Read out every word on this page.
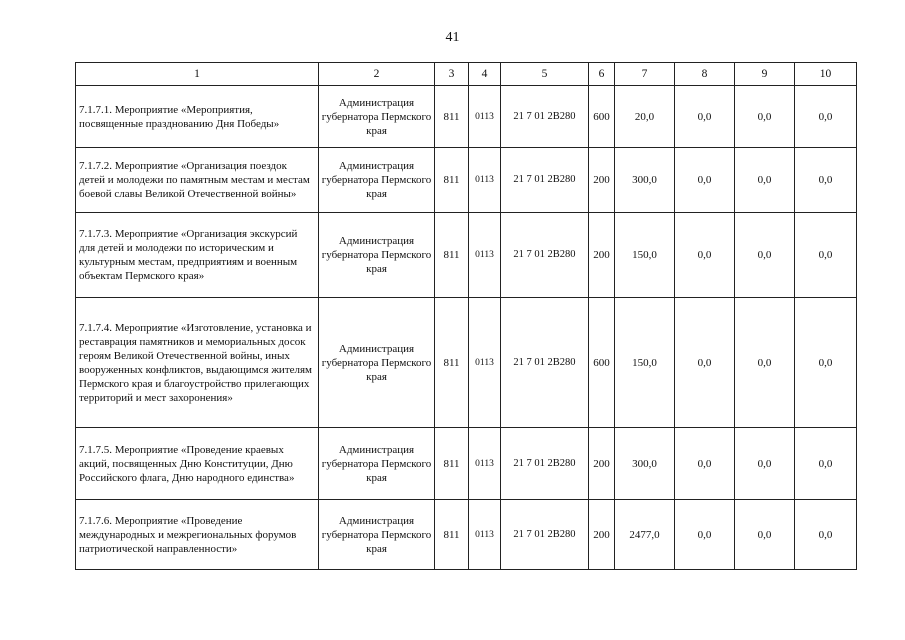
41
1	2	3	4	5	6	7	8	9	10
7.1.7.1. Мероприятие «Мероприятия, посвященные празднованию Дня Победы»	Администрация губернатора Пермского края	811	0113	21 7 01 2В280	600	20,0	0,0	0,0	0,0
7.1.7.2. Мероприятие «Организация поездок детей и молодежи по памятным местам и местам боевой славы Великой Отечественной войны»	Администрация губернатора Пермского края	811	0113	21 7 01 2В280	200	300,0	0,0	0,0	0,0
7.1.7.3. Мероприятие «Организация экскурсий для детей и молодежи по историческим и культурным местам, предприятиям и военным объектам Пермского края»	Администрация губернатора Пермского края	811	0113	21 7 01 2В280	200	150,0	0,0	0,0	0,0
7.1.7.4. Мероприятие «Изготовление, установка и реставрация памятников и мемориальных досок героям Великой Отечественной войны, иных вооруженных конфликтов, выдающимся жителям Пермского края и благоустройство прилегающих территорий и мест захоронения»	Администрация губернатора Пермского края	811	0113	21 7 01 2В280	600	150,0	0,0	0,0	0,0
7.1.7.5. Мероприятие «Проведение краевых акций, посвященных Дню Конституции, Дню Российского флага, Дню народного единства»	Администрация губернатора Пермского края	811	0113	21 7 01 2В280	200	300,0	0,0	0,0	0,0
7.1.7.6. Мероприятие «Проведение международных и межрегиональных форумов патриотической направленности»	Администрация губернатора Пермского края	811	0113	21 7 01 2В280	200	2477,0	0,0	0,0	0,0
